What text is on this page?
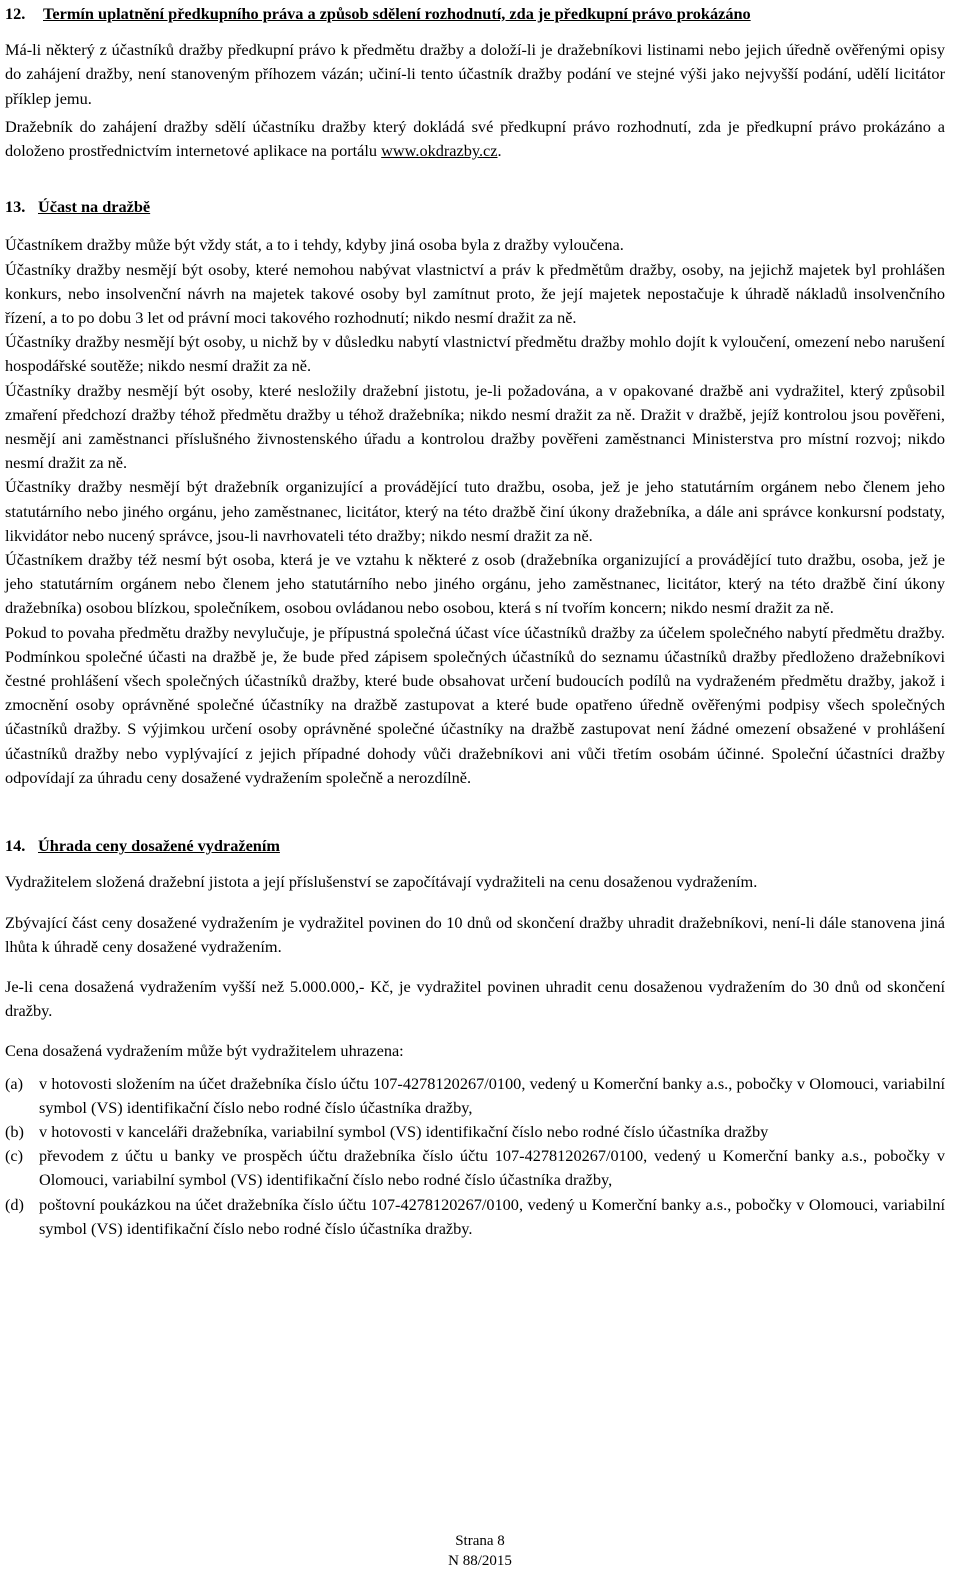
12.	Termín uplatnění předkupního práva a způsob sdělení rozhodnutí, zda je předkupní právo prokázáno

Má-li některý z účastníků dražby předkupní právo k předmětu dražby a doloží-li je dražebníkovi listinami nebo jejich úředně ověřenými opisy do zahájení dražby, není stanoveným příhozem vázán; učiní-li tento účastník dražby podání ve stejné výši jako nejvyšší podání, udělí licitátor příklep jemu.

Dražebník do zahájení dražby sdělí účastníku dražby který dokládá své předkupní právo rozhodnutí, zda je předkupní právo prokázáno a doloženo prostřednictvím internetové aplikace na portálu www.okdrazby.cz.

13. Účast na dražbě

Účastníkem dražby může být vždy stát, a to i tehdy, kdyby jiná osoba byla z dražby vyloučena.

Účastníky dražby nesmějí být osoby, které nemohou nabývat vlastnictví a práv k předmětům dražby, osoby, na jejichž majetek byl prohlášen konkurs, nebo insolvenční návrh na majetek takové osoby byl zamítnut proto, že její majetek nepostačuje k úhradě nákladů insolvenčního řízení, a to po dobu 3 let od právní moci takového rozhodnutí; nikdo nesmí dražit za ně.

Účastníky dražby nesmějí být osoby, u nichž by v důsledku nabytí vlastnictví předmětu dražby mohlo dojít k vyloučení, omezení nebo narušení hospodářské soutěže; nikdo nesmí dražit za ně.

Účastníky dražby nesmějí být osoby, které nesložily dražební jistotu, je-li požadována, a v opakované dražbě ani vydražitel, který způsobil zmaření předchozí dražby téhož předmětu dražby u téhož dražebníka; nikdo nesmí dražit za ně. Dražit v dražbě, jejíž kontrolou jsou pověřeni, nesmějí ani zaměstnanci příslušného živnostenského úřadu a kontrolou dražby pověřeni zaměstnanci Ministerstva pro místní rozvoj; nikdo nesmí dražit za ně.

Účastníky dražby nesmějí být dražebník organizující a provádějící tuto dražbu, osoba, jež je jeho statutárním orgánem nebo členem jeho statutárního nebo jiného orgánu, jeho zaměstnanec, licitátor, který na této dražbě činí úkony dražebníka, a dále ani správce konkursní podstaty, likvidátor nebo nucený správce, jsou-li navrhovateli této dražby; nikdo nesmí dražit za ně.

Účastníkem dražby též nesmí být osoba, která je ve vztahu k některé z osob (dražebníka organizující a provádějící tuto dražbu, osoba, jež je jeho statutárním orgánem nebo členem jeho statutárního nebo jiného orgánu, jeho zaměstnanec, licitátor, který na této dražbě činí úkony dražebníka) osobou blízkou, společníkem, osobou ovládanou nebo osobou, která s ní tvořím koncern; nikdo nesmí dražit za ně.

Pokud to povaha předmětu dražby nevylučuje, je přípustná společná účast více účastníků dražby za účelem společného nabytí předmětu dražby. Podmínkou společné účasti na dražbě je, že bude před zápisem společných účastníků do seznamu účastníků dražby předloženo dražebníkovi čestné prohlášení všech společných účastníků dražby, které bude obsahovat určení budoucích podílů na vydraženém předmětu dražby, jakož i zmocnění osoby oprávněné společné účastníky na dražbě zastupovat a které bude opatřeno úředně ověřenými podpisy všech společných účastníků dražby. S výjimkou určení osoby oprávněné společné účastníky na dražbě zastupovat není žádné omezení obsažené v prohlášení účastníků dražby nebo vyplývající z jejich případné dohody vůči dražebníkovi ani vůči třetím osobám účinné. Společní účastníci dražby odpovídají za úhradu ceny dosažené vydražením společně a nerozdílně.

14. Úhrada ceny dosažené vydražením

Vydražitelem složená dražební jistota a její příslušenství se započítávají vydražiteli na cenu dosaženou vydražením.

Zbývající část ceny dosažené vydražením je vydražitel povinen do 10 dnů od skončení dražby uhradit dražebníkovi, není-li dále stanovena jiná lhůta k úhradě ceny dosažené vydražením.

Je-li cena dosažená vydražením vyšší než 5.000.000,- Kč, je vydražitel povinen uhradit cenu dosaženou vydražením do 30 dnů od skončení dražby.

Cena dosažená vydražením může být vydražitelem uhrazena:

(a) v hotovosti složením na účet dražebníka číslo účtu 107-4278120267/0100, vedený u Komerční banky a.s., pobočky v Olomouci, variabilní symbol (VS) identifikační číslo nebo rodné číslo účastníka dražby,
(b) v hotovosti v kanceláři dražebníka, variabilní symbol (VS) identifikační číslo nebo rodné číslo účastníka dražby
(c) převodem z účtu u banky ve prospěch účtu dražebníka číslo účtu 107-4278120267/0100, vedený u Komerční banky a.s., pobočky v Olomouci, variabilní symbol (VS) identifikační číslo nebo rodné číslo účastníka dražby,
(d) poštovní poukázkou na účet dražebníka číslo účtu 107-4278120267/0100, vedený u Komerční banky a.s., pobočky v Olomouci, variabilní symbol (VS) identifikační číslo nebo rodné číslo účastníka dražby.
Strana 8
N 88/2015
